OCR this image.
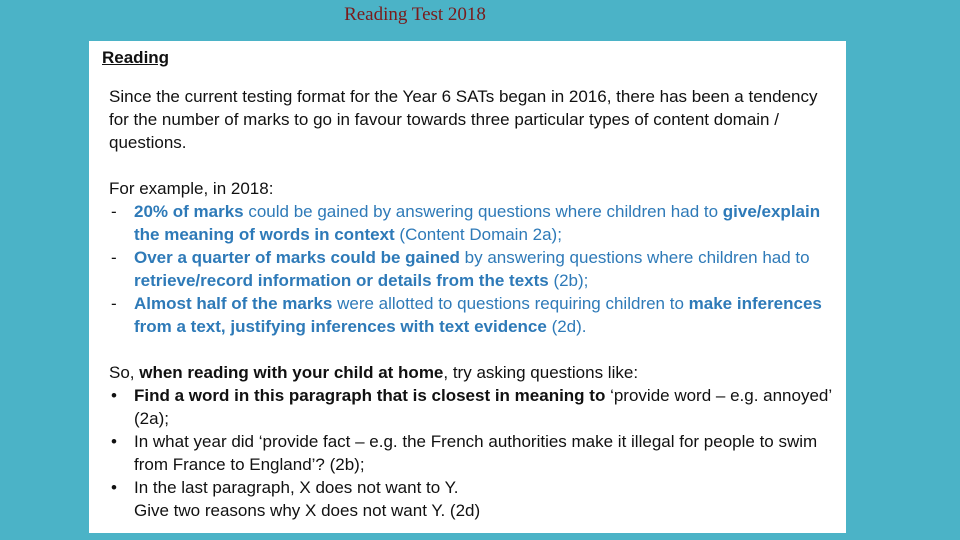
Reading Test 2018
Reading

Since the current testing format for the Year 6 SATs began in 2016, there has been a tendency for the number of marks to go in favour towards three particular types of content domain / questions.

For example, in 2018:

- 20% of marks could be gained by answering questions where children had to give/explain the meaning of words in context (Content Domain 2a);
- Over a quarter of marks could be gained by answering questions where children had to retrieve/record information or details from the texts (2b);
- Almost half of the marks were allotted to questions requiring children to make inferences from a text, justifying inferences with text evidence (2d).

So, when reading with your child at home, try asking questions like:

• Find a word in this paragraph that is closest in meaning to ‘provide word – e.g. annoyed’ (2a);
• In what year did ‘provide fact – e.g. the French authorities make it illegal for people to swim from France to England’? (2b);
• In the last paragraph, X does not want to Y.
Give two reasons why X does not want Y. (2d)
